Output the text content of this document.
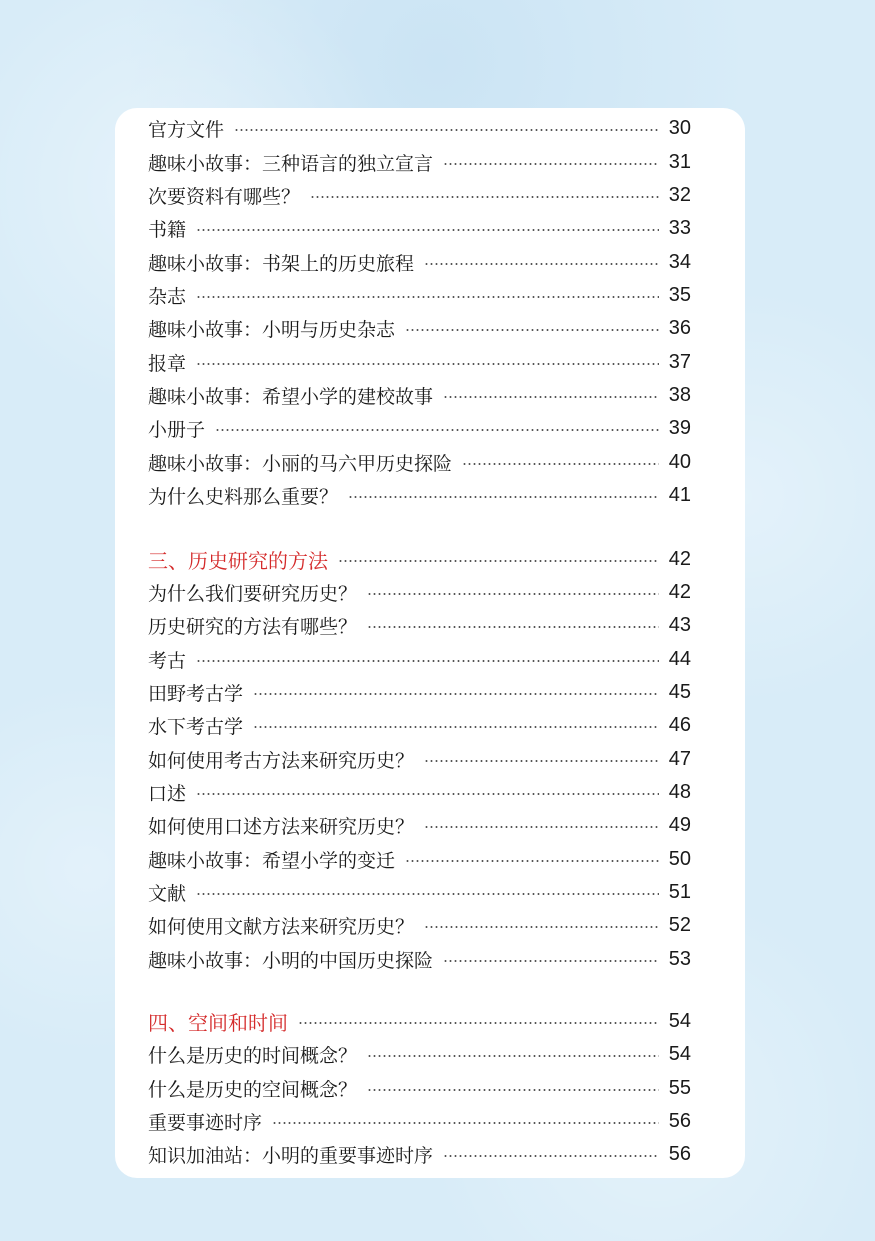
官方文件	30
趣味小故事：三种语言的独立宣言	31
次要资料有哪些？	32
书籍	33
趣味小故事：书架上的历史旅程	34
杂志	35
趣味小故事：小明与历史杂志	36
报章	37
趣味小故事：希望小学的建校故事	38
小册子	39
趣味小故事：小丽的马六甲历史探险	40
为什么史料那么重要？	41
三、历史研究的方法	42
为什么我们要研究历史？	42
历史研究的方法有哪些？	43
考古	44
田野考古学	45
水下考古学	46
如何使用考古方法来研究历史？	47
口述	48
如何使用口述方法来研究历史？	49
趣味小故事：希望小学的变迁	50
文献	51
如何使用文献方法来研究历史？	52
趣味小故事：小明的中国历史探险	53
四、空间和时间	54
什么是历史的时间概念？	54
什么是历史的空间概念？	55
重要事迹时序	56
知识加油站：小明的重要事迹时序	56
